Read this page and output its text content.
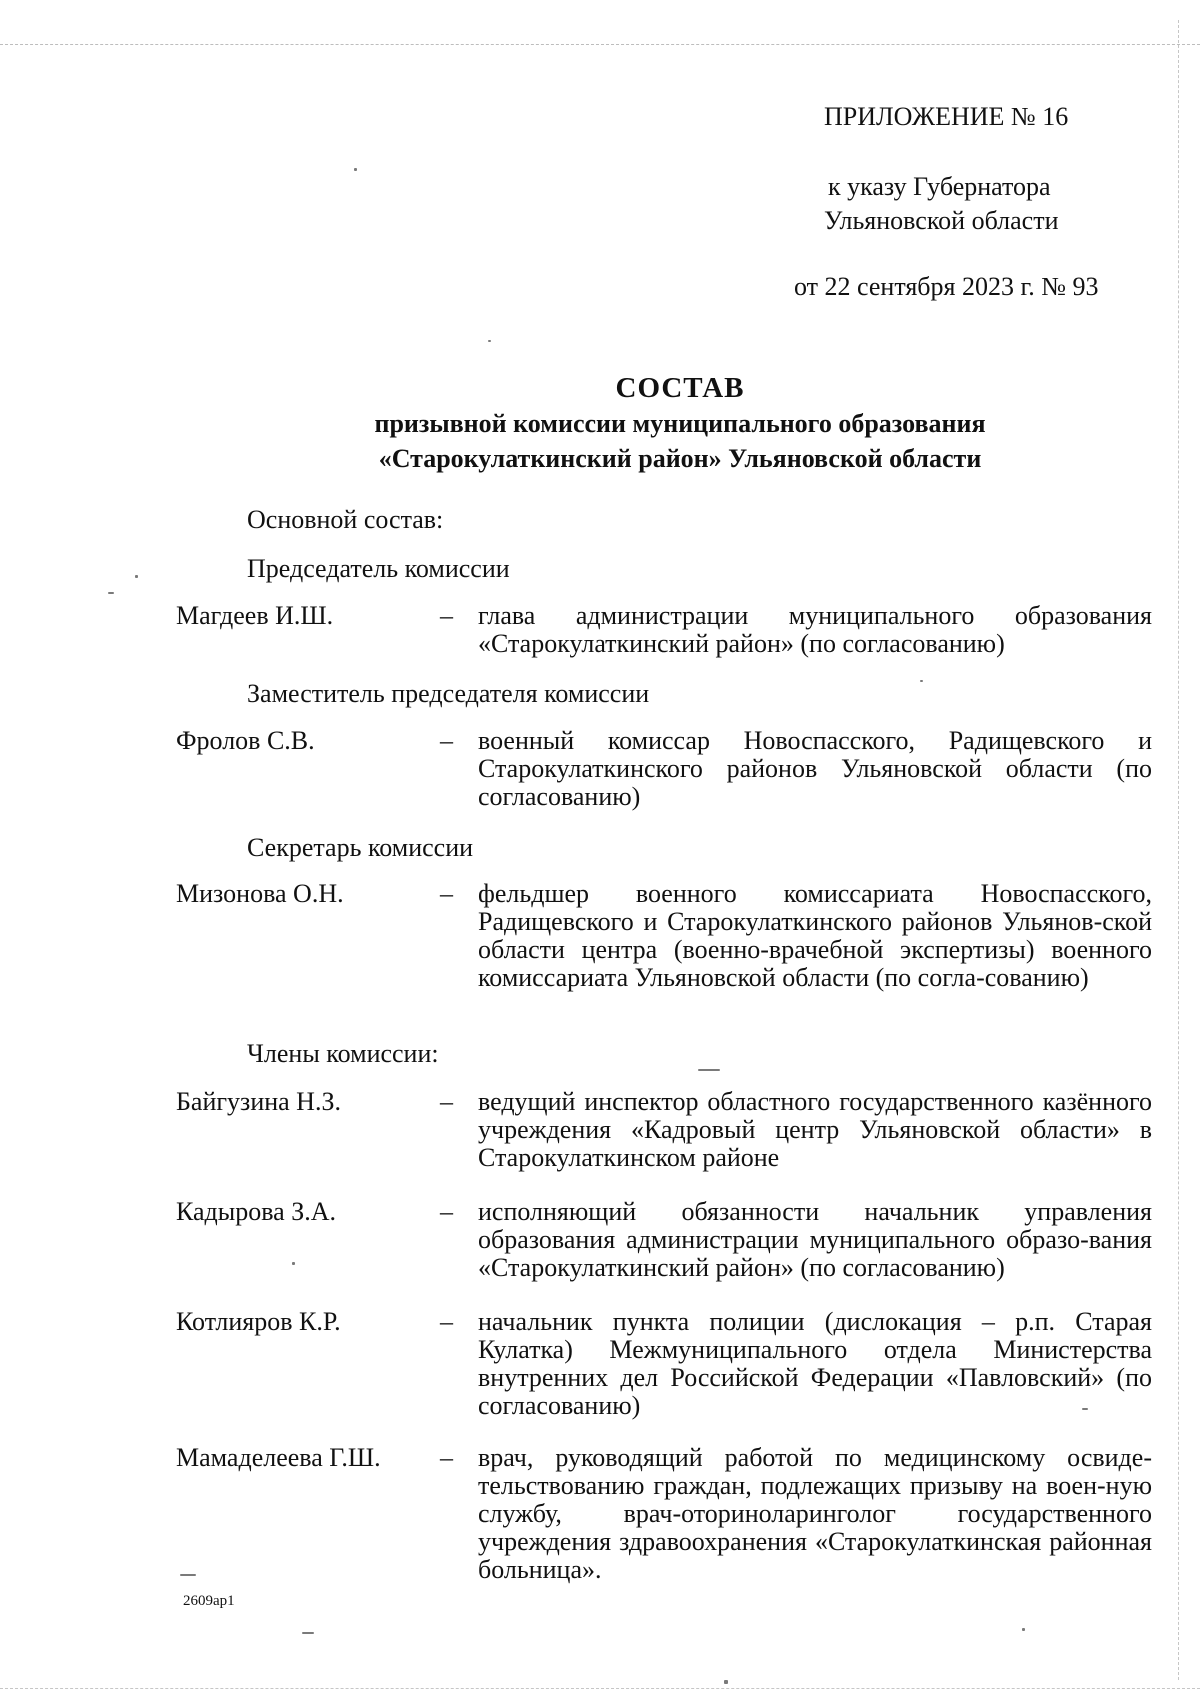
ПРИЛОЖЕНИЕ № 16
к указу Губернатора
Ульяновской области
от 22 сентября 2023 г. № 93
СОСТАВ
призывной комиссии муниципального образования
«Старокулаткинский район» Ульяновской области
Основной состав:
Председатель комиссии
Магдеев И.Ш.	– глава администрации муниципального образования «Старокулаткинский район» (по согласованию)
Заместитель председателя комиссии
Фролов С.В.	– военный комиссар Новоспасского, Радищевского и Старокулаткинского районов Ульяновской области (по согласованию)
Секретарь комиссии
Мизонова О.Н.	– фельдшер военного комиссариата Новоспасского, Радищевского и Старокулаткинского районов Ульянов-ской области центра (военно-врачебной экспертизы) военного комиссариата Ульяновской области (по согла-сованию)
Члены комиссии:
Байгузина Н.З.	– ведущий инспектор областного государственного казённого учреждения «Кадровый центр Ульяновской области» в Старокулаткинском районе
Кадырова З.А.	– исполняющий обязанности начальник управления образования администрации муниципального образо-вания «Старокулаткинский район» (по согласованию)
Котлияров К.Р.	– начальник пункта полиции (дислокация – р.п. Старая Кулатка) Межмуниципального отдела Министерства внутренних дел Российской Федерации «Павловский» (по согласованию)
Мамаделеева Г.Ш. – врач, руководящий работой по медицинскому освиде-тельствованию граждан, подлежащих призыву на воен-ную службу, врач-оториноларинголог государственного учреждения здравоохранения «Старокулаткинская районная больница».
2609ap1
